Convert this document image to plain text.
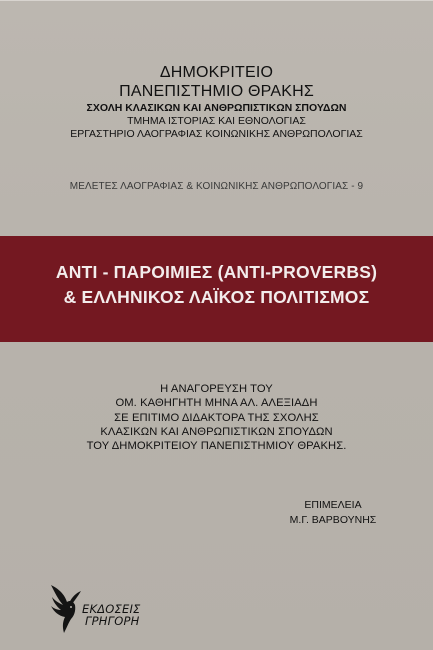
ΔΗΜΟΚΡΙΤΕΙΟ
ΠΑΝΕΠΙΣΤΗΜΙΟ ΘΡΑΚΗΣ
ΣΧΟΛΗ ΚΛΑΣΙΚΩΝ ΚΑΙ ΑΝΘΡΩΠΙΣΤΙΚΩΝ ΣΠΟΥΔΩΝ
ΤΜΗΜΑ ΙΣΤΟΡΙΑΣ ΚΑΙ ΕΘΝΟΛΟΓΙΑΣ
ΕΡΓΑΣΤΗΡΙΟ ΛΑΟΓΡΑΦΙΑΣ ΚΟΙΝΩΝΙΚΗΣ ΑΝΘΡΩΠΟΛΟΓΙΑΣ
ΜΕΛΕΤΕΣ ΛΑΟΓΡΑΦΙΑΣ & ΚΟΙΝΩΝΙΚΗΣ ΑΝΘΡΩΠΟΛΟΓΙΑΣ - 9
ΑΝΤΙ - ΠΑΡΟΙΜΙΕΣ (ANTI-PROVERBS)
& ΕΛΛΗΝΙΚΟΣ ΛΑΪΚΟΣ ΠΟΛΙΤΙΣΜΟΣ
Η ΑΝΑΓΟΡΕΥΣΗ ΤΟΥ
ΟΜ. ΚΑΘΗΓΗΤΗ ΜΗΝΑ ΑΛ. ΑΛΕΞΙΑΔΗ
ΣΕ ΕΠΙΤΙΜΟ ΔΙΔΑΚΤΟΡΑ ΤΗΣ ΣΧΟΛΗΣ
ΚΛΑΣΙΚΩΝ ΚΑΙ ΑΝΘΡΩΠΙΣΤΙΚΩΝ ΣΠΟΥΔΩΝ
ΤΟΥ ΔΗΜΟΚΡΙΤΕΙΟΥ ΠΑΝΕΠΙΣΤΗΜΙΟΥ ΘΡΑΚΗΣ.
ΕΠΙΜΕΛΕΙΑ
Μ.Γ. ΒΑΡΒΟΥΝΗΣ
ΕΚΔΟΣΕΙΣ
ΓΡΗΓΟΡΗ
